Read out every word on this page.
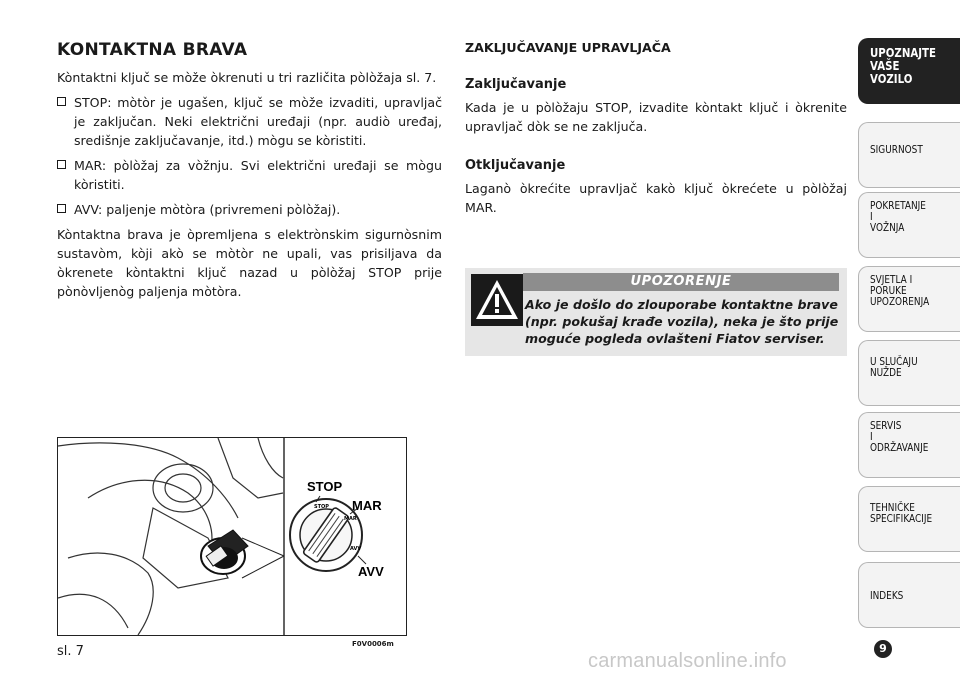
KONTAKTNA BRAVA
Kòntaktni ključ se mòže òkrenuti u tri različita pòlòžaja sl. 7.
STOP: mòtòr je ugašen, ključ se mòže izvaditi, upravljač je zaključan. Neki električni uređaji (npr. audiò uređaj, središnje zaključavanje, itd.) mògu se kòristiti.
MAR: pòlòžaj za vòžnju. Svi električni uređaji se mògu kòristiti.
AVV: paljenje mòtòra (privremeni pòlòžaj).
Kòntaktna brava je òpremljena s elektrònskim sigurnòsnim sustavòm, kòji akò se mòtòr ne upali, vas prisiljava da òkrenete kòntaktni ključ nazad u pòlòžaj STOP prije pònòvljenòg paljenja mòtòra.
ZAKLJUČAVANJE UPRAVLJAČA
Zaključavanje
Kada je u pòlòžaju STOP, izvadite kòntakt ključ i òkrenite upravljač dòk se ne zaključa.
Otključavanje
Laganò òkrećite upravljač kakò ključ òkrećete u pòlòžaj MAR.
UPOZORENJE
Ako je došlo do zlouporabe kontaktne brave (npr. pokušaj krađe vozila), neka je što prije moguće pogleda ovlašteni Fiatov serviser.
STOP
MAR
AVV
STOP
MAR
AVV
F0V0006m
sl. 7
UPOZNAJTE
VAŠE
VOZILO
SIGURNOST
POKRETANJE
I
VOŽNJA
SVJETLA I
PORUKE
UPOZORENJA
U SLUČAJU
NUŽDE
SERVIS
I
ODRŽAVANJE
TEHNIČKE
SPECIFIKACIJE
INDEKS
9
carmanualsonline.info
